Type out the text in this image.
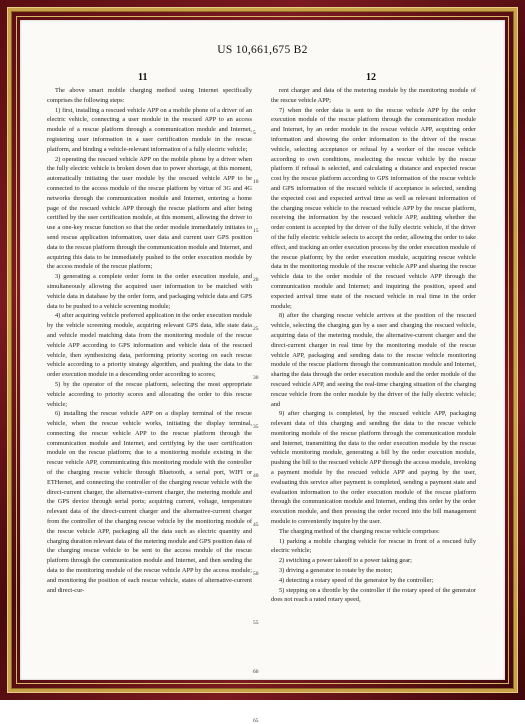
US 10,661,675 B2
11	12

The above smart mobile charging method using Internet specifically comprises the following steps:

1) first, installing a rescued vehicle APP on a mobile phone of a driver of an electric vehicle, connecting a user module in the rescued APP to an access module of a rescue platform through a communication module and Internet, registering user information in a user certification module in the rescue platform, and binding a vehicle-relevant information of a fully electric vehicle;

2) operating the rescued vehicle APP on the mobile phone by a driver when the fully electric vehicle is broken down due to power shortage, at this moment, automatically initiating the user module by the rescued vehicle APP to be connected to the access module of the rescue platform by virtue of 3G and 4G networks through the communication module and Internet, entering a home page of the rescued vehicle APP through the rescue platform and after being certified by the user certification module, at this moment, allowing the driver to use a one-key rescue function so that the order module immediately initiates to send rescue application information, user data and current user GPS position data to the rescue platform through the communication module and Internet, and acquiring this data to be immediately pushed to the order execution module by the access module of the rescue platform;

3) generating a complete order form in the order execution module, and simultaneously allowing the acquired user information to be matched with vehicle data in database by the order form, and packaging vehicle data and GPS data to be pushed to a vehicle screening module;

4) after acquiring vehicle preferred application in the order execution module by the vehicle screening module, acquiring relevant GPS data, idle state data and vehicle model matching data from the monitoring module of the rescue vehicle APP according to GPS information and vehicle data of the rescued vehicle, then synthesizing data, performing priority scoring on each rescue vehicle according to a priority strategy algorithm, and pushing the data to the order execution module in a descending order according to scores;

5) by the operator of the rescue platform, selecting the most appropriate vehicle according to priority scores and allocating the order to this rescue vehicle;

6) installing the rescue vehicle APP on a display terminal of the rescue vehicle, when the rescue vehicle works, initiating the display terminal, connecting the rescue vehicle APP to the rescue platform through the communication module and Internet, and certifying by the user certification module on the rescue platform; due to a monitoring module existing in the rescue vehicle APP, communicating this monitoring module with the controller of the charging rescue vehicle through Bluetooth, a serial port, WIFI or ETHernet, and connecting the controller of the charging rescue vehicle with the direct-current charger, the alternative-current charger, the metering module and the GPS device through serial ports; acquiring current, voltage, temperature relevant data of the direct-current charger and the alternative-current charger from the controller of the charging rescue vehicle by the monitoring module of the rescue vehicle APP, packaging all the data such as electric quantity and charging duration relevant data of the metering module and GPS position data of the charging rescue vehicle to be sent to the access module of the rescue platform through the communication module and Internet, and then sending the data to the monitoring module of the rescue vehicle APP by the access module; and monitoring the position of each rescue vehicle, states of alternative-current and direct-cur-

5
10
15
20
25
30
35
40
45
50
55
60
65

rent charger and data of the metering module by the monitoring module of the rescue vehicle APP;

7) when the order data is sent to the rescue vehicle APP by the order execution module of the rescue platform through the communication module and Internet, by an order module in the rescue vehicle APP, acquiring order information and showing the order information to the driver of the rescue vehicle, selecting acceptance or refusal by a worker of the rescue vehicle according to own conditions, reselecting the rescue vehicle by the rescue platform if refusal is selected, and calculating a distance and expected rescue cost by the rescue platform according to GPS information of the rescue vehicle and GPS information of the rescued vehicle if acceptance is selected, sending the expected cost and expected arrival time as well as relevant information of the charging rescue vehicle to the rescued vehicle APP by the rescue platform, receiving the information by the rescued vehicle APP, auditing whether the order content is accepted by the driver of the fully electric vehicle, if the driver of the fully electric vehicle selects to accept the order, allowing the order to take effect, and tracking an order execution process by the order execution module of the rescue platform; by the order execution module, acquiring rescue vehicle data in the monitoring module of the rescue vehicle APP and sharing the rescue vehicle data to the order module of the rescued vehicle APP through the communication module and Internet; and inquiring the position, speed and expected arrival time state of the rescued vehicle in real time in the order module;

8) after the charging rescue vehicle arrives at the position of the rescued vehicle, selecting the charging gun by a user and charging the rescued vehicle, acquiring data of the metering module, the alternative-current charger and the direct-current charger in real time by the monitoring module of the rescue vehicle APP, packaging and sending data to the rescue vehicle monitoring module of the rescue platform through the communication module and Internet, sharing the data through the order execution module and the order module of the rescued vehicle APP, and seeing the real-time charging situation of the charging rescue vehicle from the order module by the driver of the fully electric vehicle; and

9) after charging is completed, by the rescued vehicle APP, packaging relevant data of this charging and sending the data to the rescue vehicle monitoring module of the rescue platform through the communication module and Internet, transmitting the data to the order execution module by the rescue vehicle monitoring module, generating a bill by the order execution module, pushing the bill to the rescued vehicle APP through the access module, invoking a payment module by the rescued vehicle APP and paying by the user, evaluating this service after payment is completed, sending a payment state and evaluation information to the order execution module of the rescue platform through the communication module and Internet, ending this order by the order execution module, and then pressing the order record into the bill management module to conveniently inquire by the user.

The charging method of the charging rescue vehicle comprises:

1) parking a mobile charging vehicle for rescue in front of a rescued fully electric vehicle;

2) switching a power takeoff to a power taking gear;

3) driving a generator to rotate by the motor;

4) detecting a rotary speed of the generator by the controller;

5) stepping on a throttle by the controller if the rotary speed of the generator does not reach a rated rotary speed,
